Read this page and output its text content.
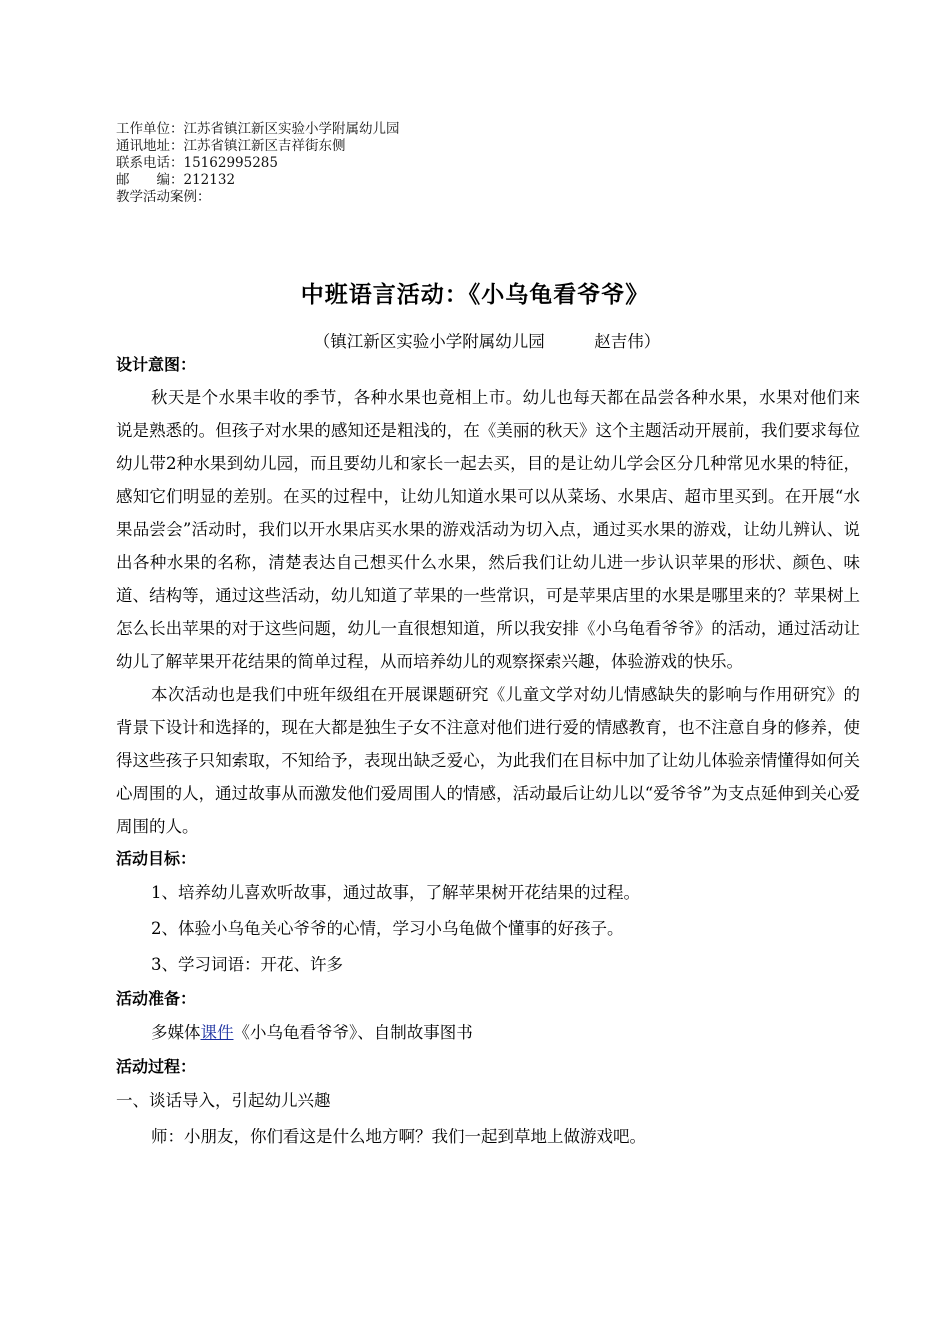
工作单位：江苏省镇江新区实验小学附属幼儿园
通讯地址：江苏省镇江新区吉祥街东侧
联系电话：15162995285
邮　　编：212132
教学活动案例：
中班语言活动：《小乌龟看爷爷》
（镇江新区实验小学附属幼儿园　　　赵吉伟）
设计意图：

秋天是个水果丰收的季节，各种水果也竟相上市。幼儿也每天都在品尝各种水果，水果对他们来说是熟悉的。但孩子对水果的感知还是粗浅的，在《美丽的秋天》这个主题活动开展前，我们要求每位幼儿带2种水果到幼儿园，而且要幼儿和家长一起去买，目的是让幼儿学会区分几种常见水果的特征，感知它们明显的差别。在买的过程中，让幼儿知道水果可以从菜场、水果店、超市里买到。在开展“水果品尝会”活动时，我们以开水果店买水果的游戏活动为切入点，通过买水果的游戏，让幼儿辨认、说出各种水果的名称，清楚表达自己想买什么水果，然后我们让幼儿进一步认识苹果的形状、颜色、味道、结构等，通过这些活动，幼儿知道了苹果的一些常识，可是苹果店里的水果是哪里来的？苹果树上怎么长出苹果的对于这些问题，幼儿一直很想知道，所以我安排《小乌龟看爷爷》的活动，通过活动让幼儿了解苹果开花结果的简单过程，从而培养幼儿的观察探索兴趣，体验游戏的快乐。

本次活动也是我们中班年级组在开展课题研究《儿童文学对幼儿情感缺失的影响与作用研究》的背景下设计和选择的，现在大都是独生子女不注意对他们进行爱的情感教育，也不注意自身的修养，使得这些孩子只知索取，不知给予，表现出缺乏爱心，为此我们在目标中加了让幼儿体验亲情懂得如何关心周围的人，通过故事从而激发他们爱周围人的情感，活动最后让幼儿以“爱爷爷”为支点延伸到关心爱周围的人。

活动目标：
1、培养幼儿喜欢听故事，通过故事，了解苹果树开花结果的过程。
2、体验小乌龟关心爷爷的心情，学习小乌龟做个懂事的好孩子。
3、学习词语：开花、许多
活动准备：
多媒体课件《小乌龟看爷爷》、自制故事图书
活动过程：
一、谈话导入，引起幼儿兴趣
师：小朋友，你们看这是什么地方啊？我们一起到草地上做游戏吧。
